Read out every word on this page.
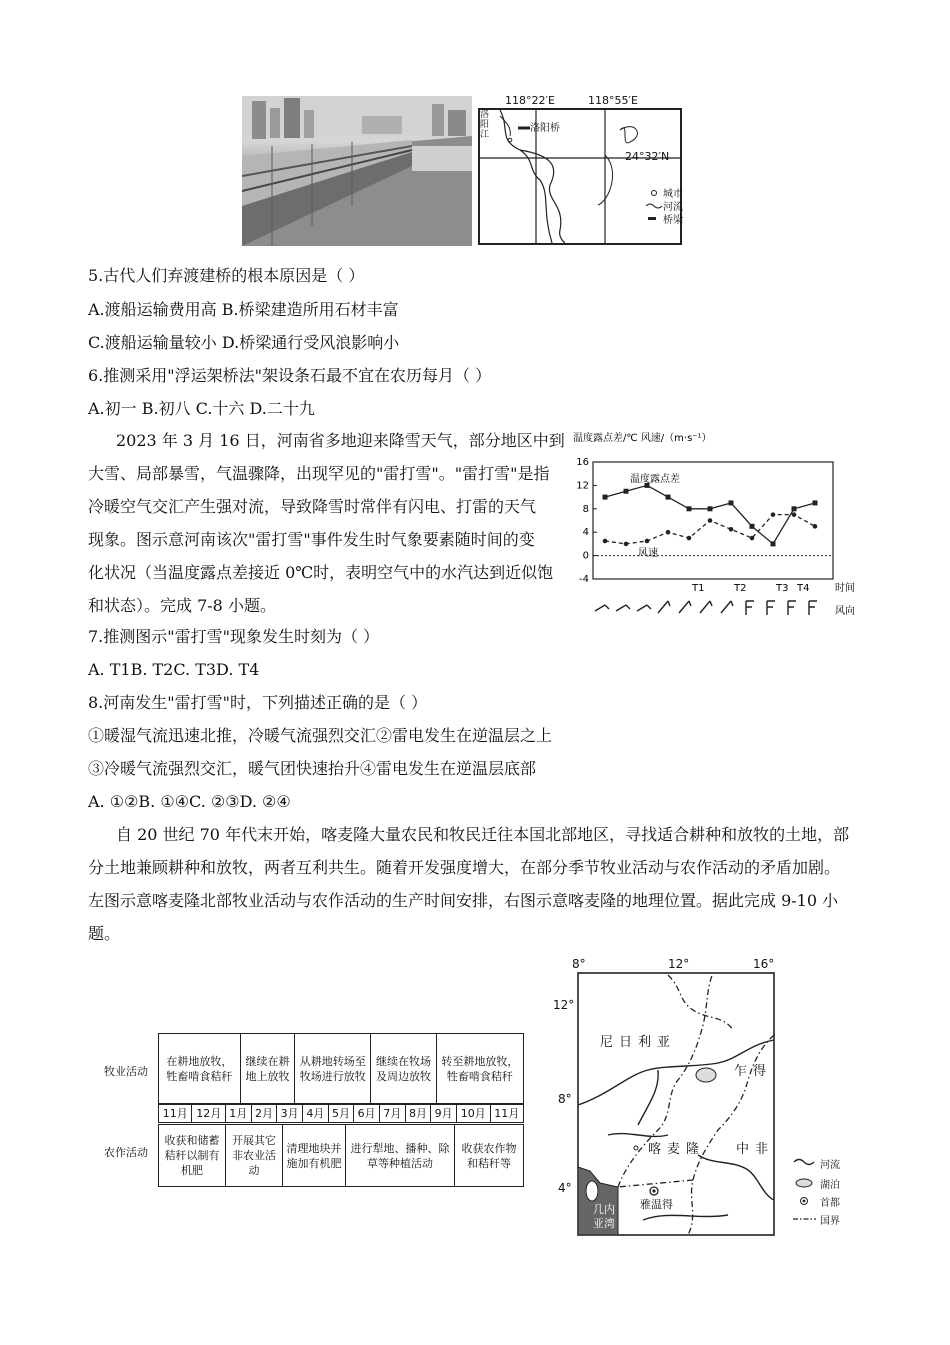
118°22′E	118°55′E
24°32′N
洛阳江
洛阳桥
城市
河流
桥梁
5.古代人们弃渡建桥的根本原因是（ ）
A.渡船运输费用高 B.桥梁建造所用石材丰富
C.渡船运输量较小 D.桥梁通行受风浪影响小
6.推测采用"浮运架桥法"架设条石最不宜在农历每月（ ）
A.初一 B.初八 C.十六 D.二十九
2023 年 3 月 16 日，河南省多地迎来降雪天气，部分地区中到
大雪、局部暴雪，气温骤降，出现罕见的"雷打雪"。"雷打雪"是指
冷暖空气交汇产生强对流，导致降雪时常伴有闪电、打雷的天气
现象。图示意河南该次"雷打雪"事件发生时气象要素随时间的变
化状况（当温度露点差接近 0℃时，表明空气中的水汽达到近似饱
和状态）。完成 7-8 小题。
温度露点差/℃ 风速/（m·s⁻¹）
16
12
8
4
0
-4
温度露点差
风速
T1	T2	T3 T4	时间
风向
7.推测图示"雷打雪"现象发生时刻为（ ）
A. T1B. T2C. T3D. T4
8.河南发生"雷打雪"时，下列描述正确的是（ ）
①暖湿气流迅速北推，冷暖气流强烈交汇②雷电发生在逆温层之上
③冷暖气流强烈交汇，暖气团快速抬升④雷电发生在逆温层底部
A. ①②B. ①④C. ②③D. ②④
自 20 世纪 70 年代末开始，喀麦隆大量农民和牧民迁往本国北部地区，寻找适合耕种和放牧的土地，部
分土地兼顾耕种和放牧，两者互利共生。随着开发强度增大，在部分季节牧业活动与农作活动的矛盾加剧。
左图示意喀麦隆北部牧业活动与农作活动的生产时间安排，右图示意喀麦隆的地理位置。据此完成 9-10 小
题。
牧业活动
农作活动
在耕地放牧，牲畜啃食秸秆	继续在耕地上放牧	从耕地转场至牧场进行放牧	继续在牧场及周边放牧	转至耕地放牧，牲畜啃食秸秆
11月	12月	1月	2月	3月	4月	5月	6月	7月	8月	9月	10月	11月
收获和储蓄秸秆以制有机肥	开展其它非农业活动	清理地块并施加有机肥	进行犁地、播种、除草等种植活动	收获农作物和秸秆等
8°	12°	16°
12°
8°
4°
尼日利亚
乍得
喀麦隆 中非
雅温得
几内亚湾
河流
湖泊
首都
国界
